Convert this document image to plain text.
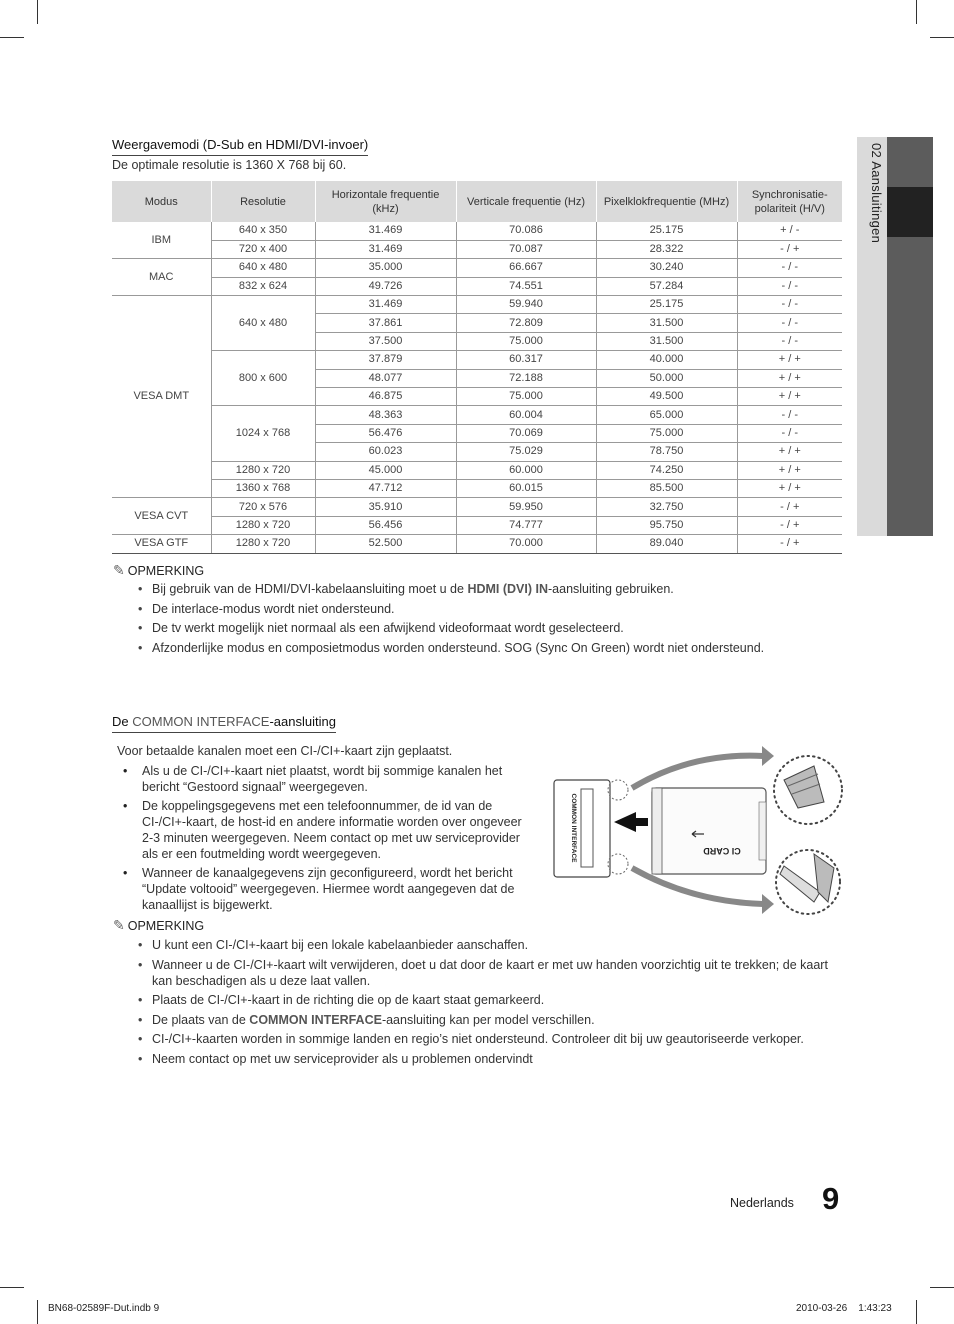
02 Aansluitingen
Weergavemodi (D-Sub en HDMI/DVI-invoer)
De optimale resolutie is 1360 X 768 bij 60.
Modus	Resolutie	Horizontale frequentie (kHz)	Verticale frequentie (Hz)	Pixelklokfrequentie (MHz)	Synchronisatie-polariteit (H/V)
IBM	640 x 350	31.469	70.086	25.175	+ / -
	720 x 400	31.469	70.087	28.322	- / +
MAC	640 x 480	35.000	66.667	30.240	- / -
	832 x 624	49.726	74.551	57.284	- / -
VESA DMT	640 x 480	31.469	59.940	25.175	- / -
		37.861	72.809	31.500	- / -
		37.500	75.000	31.500	- / -
	800 x 600	37.879	60.317	40.000	+ / +
		48.077	72.188	50.000	+ / +
		46.875	75.000	49.500	+ / +
	1024 x 768	48.363	60.004	65.000	- / -
		56.476	70.069	75.000	- / -
		60.023	75.029	78.750	+ / +
	1280 x 720	45.000	60.000	74.250	+ / +
	1360 x 768	47.712	60.015	85.500	+ / +
VESA CVT	720 x 576	35.910	59.950	32.750	- / +
	1280 x 720	56.456	74.777	95.750	- / +
VESA GTF	1280 x 720	52.500	70.000	89.040	- / +
✎ OPMERKING
• Bij gebruik van de HDMI/DVI-kabelaansluiting moet u de HDMI (DVI) IN-aansluiting gebruiken.
• De interlace-modus wordt niet ondersteund.
• De tv werkt mogelijk niet normaal als een afwijkend videoformaat wordt geselecteerd.
• Afzonderlijke modus en composietmodus worden ondersteund. SOG (Sync On Green) wordt niet ondersteund.
De COMMON INTERFACE-aansluiting
Voor betaalde kanalen moet een CI-/CI+-kaart zijn geplaatst.
• Als u de CI-/CI+-kaart niet plaatst, wordt bij sommige kanalen het bericht “Gestoord signaal” weergegeven.
• De koppelingsgegevens met een telefoonnummer, de id van de CI-/CI+-kaart, de host-id en andere informatie worden over ongeveer 2-3 minuten weergegeven. Neem contact op met uw serviceprovider als er een foutmelding wordt weergegeven.
• Wanneer de kanaalgegevens zijn geconfigureerd, wordt het bericht “Update voltooid” weergegeven. Hiermee wordt aangegeven dat de kanaallijst is bijgewerkt.
COMMON INTERFACE	CI CARD
✎ OPMERKING
• U kunt een CI-/CI+-kaart bij een lokale kabelaanbieder aanschaffen.
• Wanneer u de CI-/CI+-kaart wilt verwijderen, doet u dat door de kaart er met uw handen voorzichtig uit te trekken; de kaart kan beschadigen als u deze laat vallen.
• Plaats de CI-/CI+-kaart in de richting die op de kaart staat gemarkeerd.
• De plaats van de COMMON INTERFACE-aansluiting kan per model verschillen.
• CI-/CI+-kaarten worden in sommige landen en regio’s niet ondersteund. Controleer dit bij uw geautoriseerde verkoper.
• Neem contact op met uw serviceprovider als u problemen ondervindt
Nederlands 9
BN68-02589F-Dut.indb 9	2010-03-26    1:43:23
